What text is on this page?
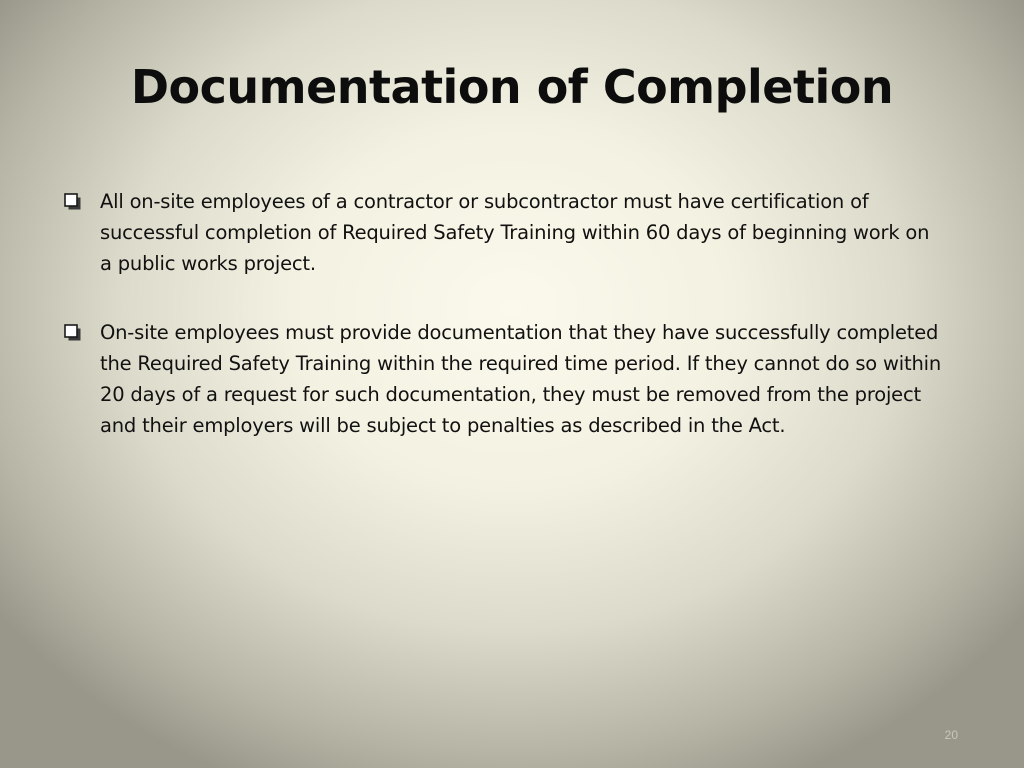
Documentation of Completion
All on-site employees of a contractor or subcontractor must have certification of successful completion of Required Safety Training within 60 days of beginning work on a public works project.
On-site employees must provide documentation that they have successfully completed the Required Safety Training within the required time period. If they cannot do so within 20 days of a request for such documentation, they must be removed from the project and their employers will be subject to penalties as described in the Act.
20
